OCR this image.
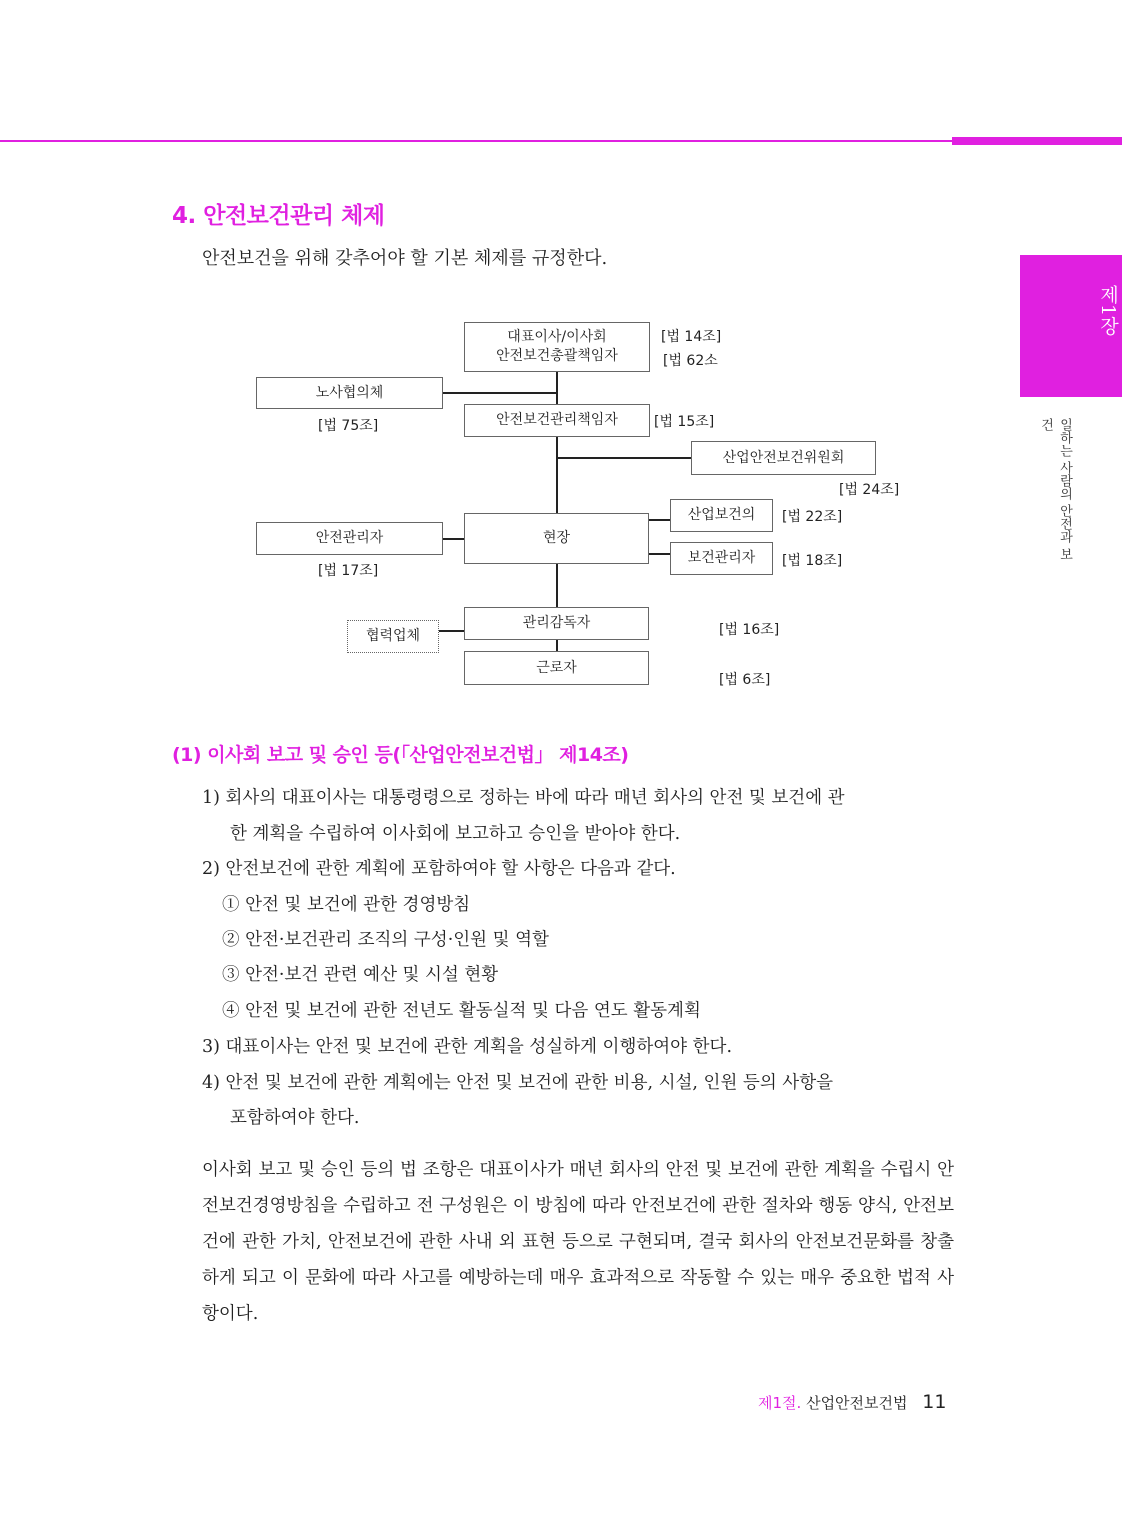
제1장
일하는 사람의 안전과 보건
4. 안전보건관리 체제
안전보건을 위해 갖추어야 할 기본 체제를 규정한다.
대표이사/이사회
안전보건총괄책임자
노사협의체
안전보건관리책임자
산업안전보건위원회
산업보건의
현장
안전관리자
보건관리자
관리감독자
협력업체
근로자
[법 14조]
[법 62소
[법 75조]	[법 15조]
[법 24조]
[법 22조]
[법 17조]
[법 18조]
[법 16조]
[법 6조]
(1) 이사회 보고 및 승인 등(「산업안전보건법」 제14조)
1) 회사의 대표이사는 대통령령으로 정하는 바에 따라 매년 회사의 안전 및 보건에 관
한 계획을 수립하여 이사회에 보고하고 승인을 받아야 한다.
2) 안전보건에 관한 계획에 포함하여야 할 사항은 다음과 같다.
① 안전 및 보건에 관한 경영방침
② 안전·보건관리 조직의 구성·인원 및 역할
③ 안전·보건 관련 예산 및 시설 현황
④ 안전 및 보건에 관한 전년도 활동실적 및 다음 연도 활동계획
3) 대표이사는 안전 및 보건에 관한 계획을 성실하게 이행하여야 한다.
4) 안전 및 보건에 관한 계획에는 안전 및 보건에 관한 비용, 시설, 인원 등의 사항을
포함하여야 한다.
이사회 보고 및 승인 등의 법 조항은 대표이사가 매년 회사의 안전 및 보건에 관한 계획을 수립시 안전보건경영방침을 수립하고 전 구성원은 이 방침에 따라 안전보건에 관한 절차와 행동 양식, 안전보건에 관한 가치, 안전보건에 관한 사내 외 표현 등으로 구현되며, 결국 회사의 안전보건문화를 창출하게 되고 이 문화에 따라 사고를 예방하는데 매우 효과적으로 작동할 수 있는 매우 중요한 법적 사항이다.
제1절. 산업안전보건법 11
